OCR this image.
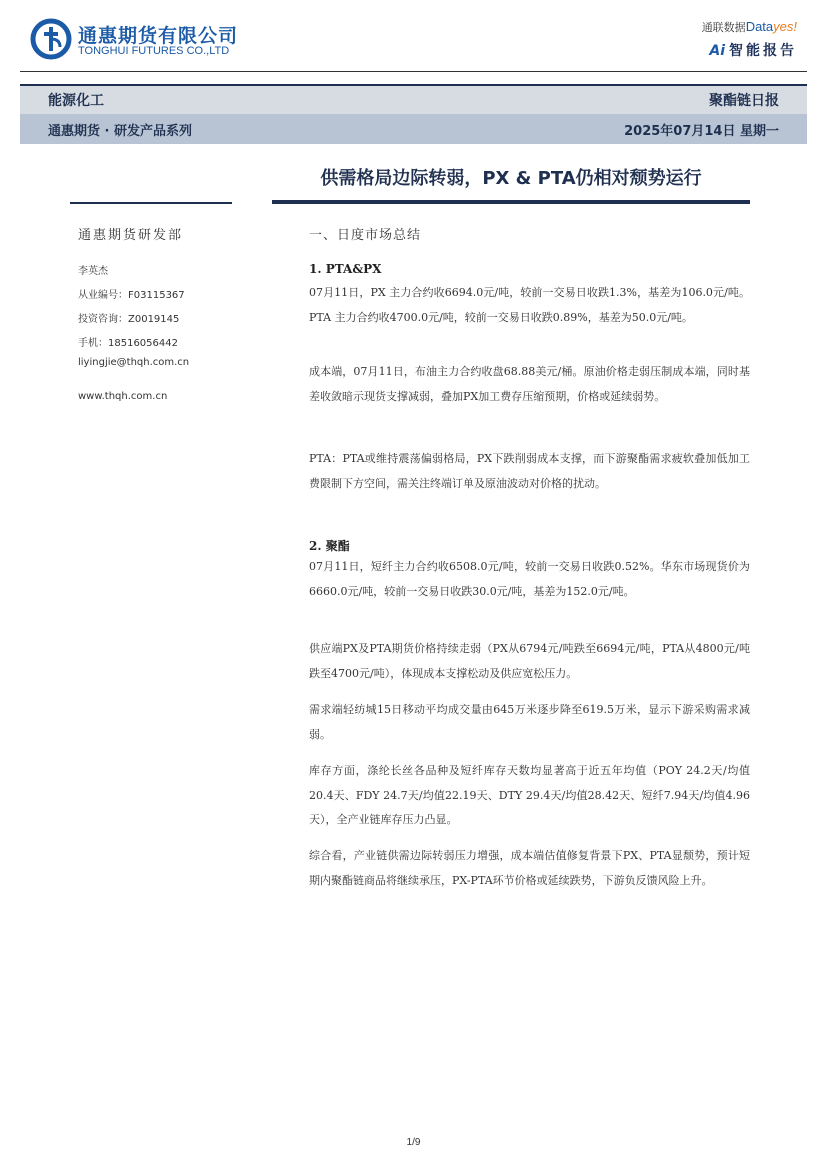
通惠期货有限公司
TONGHUI FUTURES CO.,LTD
通联数据Datayes!
Ai 智能报告
能源化工	聚酯链日报
通惠期货 · 研发产品系列	2025年07月14日 星期一
供需格局边际转弱，PX & PTA仍相对颓势运行
通惠期货研发部
李英杰
从业编号：F03115367
投资咨询：Z0019145
手机：18516056442
liyingjie@thqh.com.cn
www.thqh.com.cn
一、日度市场总结
1. PTA&PX
07月11日，PX 主力合约收6694.0元/吨，较前一交易日收跌1.3%，基差为106.0元/吨。PTA 主力合约收4700.0元/吨，较前一交易日收跌0.89%，基差为50.0元/吨。
成本端，07月11日，布油主力合约收盘68.88美元/桶。原油价格走弱压制成本端，同时基差收敛暗示现货支撑减弱，叠加PX加工费存压缩预期，价格或延续弱势。
PTA：PTA或维持震荡偏弱格局，PX下跌削弱成本支撑，而下游聚酯需求疲软叠加低加工费限制下方空间，需关注终端订单及原油波动对价格的扰动。
2. 聚酯
07月11日，短纤主力合约收6508.0元/吨，较前一交易日收跌0.52%。华东市场现货价为6660.0元/吨，较前一交易日收跌30.0元/吨，基差为152.0元/吨。
供应端PX及PTA期货价格持续走弱（PX从6794元/吨跌至6694元/吨，PTA从4800元/吨跌至4700元/吨），体现成本支撑松动及供应宽松压力。
需求端轻纺城15日移动平均成交量由645万米逐步降至619.5万米，显示下游采购需求减弱。
库存方面，涤纶长丝各品种及短纤库存天数均显著高于近五年均值（POY 24.2天/均值20.4天、FDY 24.7天/均值22.19天、DTY 29.4天/均值28.42天、短纤7.94天/均值4.96天），全产业链库存压力凸显。
综合看，产业链供需边际转弱压力增强，成本端估值修复背景下PX、PTA显颓势，预计短期内聚酯链商品将继续承压，PX-PTA环节价格或延续跌势，下游负反馈风险上升。
1/9
